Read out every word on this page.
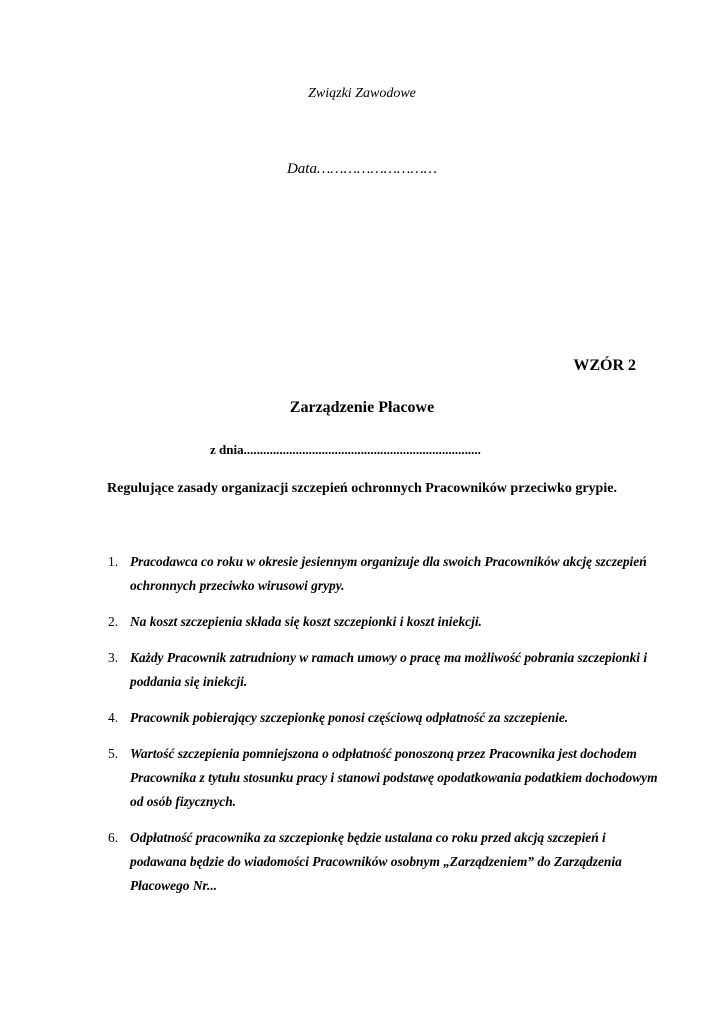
Związki Zawodowe
Data………………………
WZÓR 2
Zarządzenie Płacowe
z dnia.........................................................................
Regulujące zasady organizacji szczepień ochronnych Pracowników przeciwko grypie.
1. Pracodawca co roku w okresie jesiennym organizuje dla swoich Pracowników akcję szczepień ochronnych przeciwko wirusowi grypy.
2. Na koszt szczepienia składa się koszt szczepionki i koszt iniekcji.
3. Każdy Pracownik zatrudniony w ramach umowy o pracę ma możliwość pobrania szczepionki i poddania się iniekcji.
4. Pracownik pobierający szczepionkę ponosi częściową odpłatność za szczepienie.
5. Wartość szczepienia pomniejszona o odpłatność ponoszoną przez Pracownika jest dochodem Pracownika z tytułu stosunku pracy i stanowi podstawę opodatkowania podatkiem dochodowym od osób fizycznych.
6. Odpłatność pracownika za szczepionkę będzie ustalana co roku przed akcją szczepień i podawana będzie do wiadomości Pracowników osobnym „Zarządzeniem” do Zarządzenia Płacowego Nr...
